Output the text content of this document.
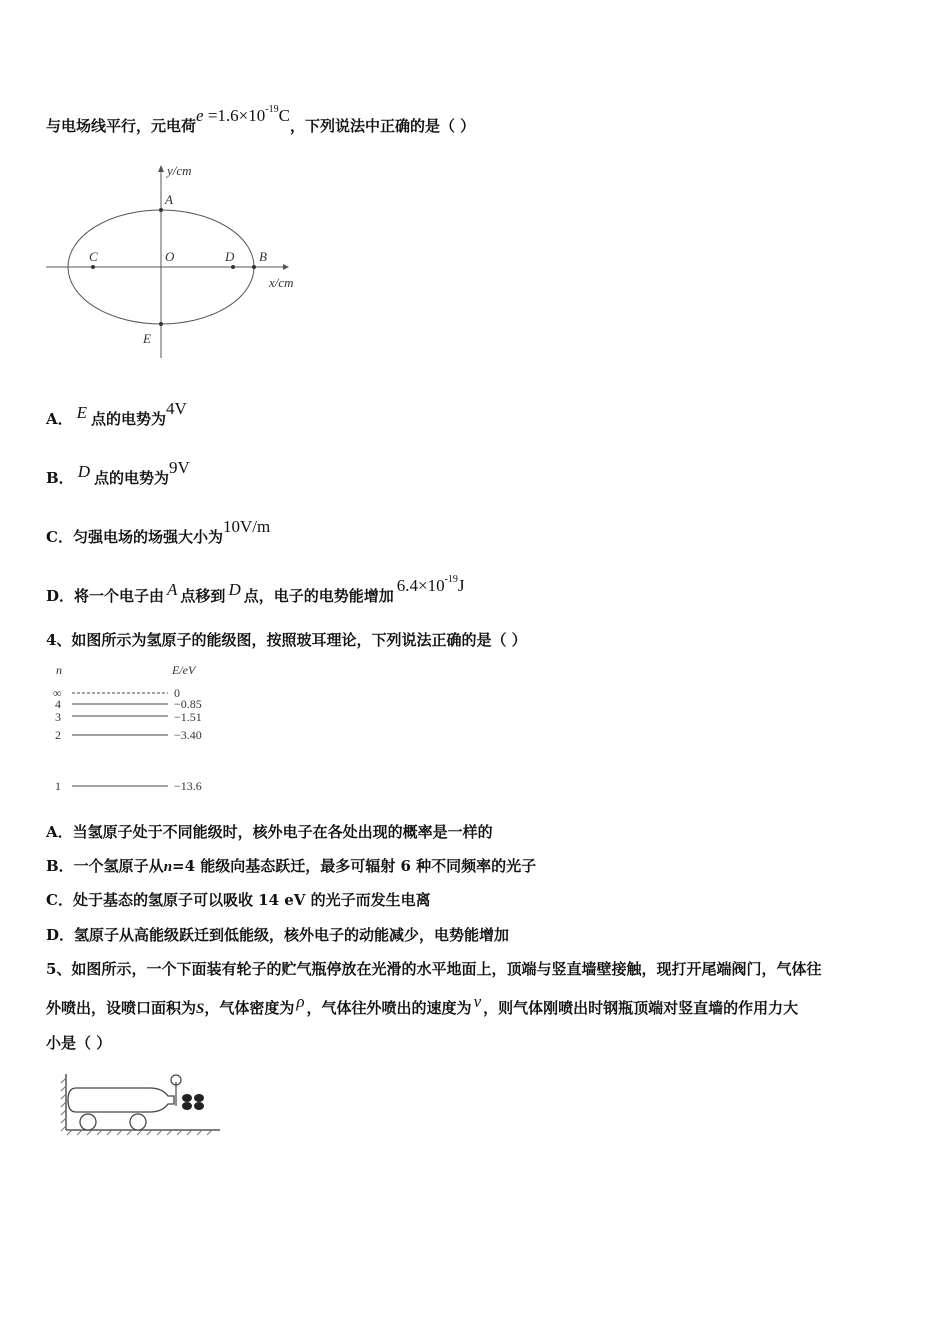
与电场线平行，元电荷$e =1.6\times 10^{-19}C$，下列说法中正确的是（ ）
y/cm
x/cm
A
C	O	D B
E
A． E 点的电势为4V
B． D 点的电势为9V
C．匀强电场的场强大小为10V/m
D．将一个电子由 A 点移到 D 点，电子的电势能增加$6.4\times 10^{-19}J$
4、如图所示为氢原子的能级图，按照玻耳理论，下列说法正确的是（ ）
n	E/eV
∞	0
4	−0.85
3	−1.51
2	−3.40
1	−13.6
A．当氢原子处于不同能级时，核外电子在各处出现的概率是一样的
B．一个氢原子从n=4 能级向基态跃迁，最多可辐射 6 种不同频率的光子
C．处于基态的氢原子可以吸收 14 eV 的光子而发生电离
D．氢原子从高能级跃迁到低能级，核外电子的动能减少，电势能增加
5、如图所示，一个下面装有轮子的贮气瓶停放在光滑的水平地面上，顶端与竖直墙壁接触，现打开尾端阀门，气体往
外喷出，设喷口面积为S，气体密度为 ρ ，气体往外喷出的速度为 v ，则气体刚喷出时钢瓶顶端对竖直墙的作用力大
小是（ ）
